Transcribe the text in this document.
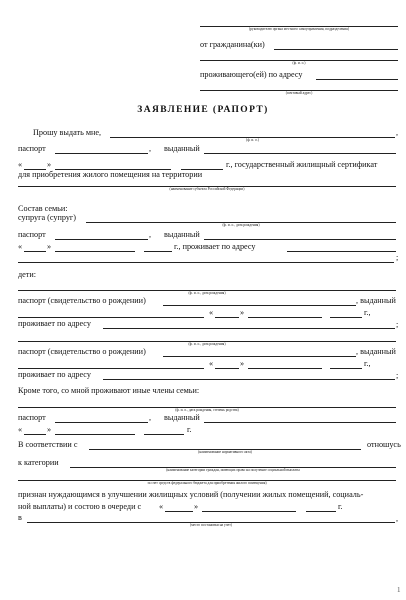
(руководителю органа местного самоуправления, подразделения)
от гражданина(ки)
(ф. и. о.)
проживающего(ей) по адресу
(почтовый адрес)
ЗАЯВЛЕНИЕ (РАПОРТ)
Прошу выдать мне,	,
(ф. и. о.)
паспорт	, выданный
«	»	г., государственный жилищный сертификат
для приобретения жилого помещения на территории
(наименование субъекта Российской Федерации)
Состав семьи:
супруга (супруг)
(ф. и. о., дата рождения)
паспорт	, выданный
«	»	г., проживает по адресу
;
дети:
(ф. и. о., дата рождения)
паспорт (свидетельство о рождении)	, выданный
«	»	г.,
проживает по адресу	;
(ф. и. о., дата рождения)
паспорт (свидетельство о рождении)	, выданный
«	»	г.,
проживает по адресу	;
Кроме того, со мной проживают иные члены семьи:
(ф. и. о., дата рождения, степень родства)
паспорт	, выданный
«	»	г.
В соответствии с	отношусь
(наименование нормативного акта)
к категории
(наименование категории граждан, имеющих право на получение социальной выплаты
за счет средств федерального бюджета для приобретения жилого помещения)
признан нуждающимся в улучшении жилищных условий (получении жилых помещений, социаль-
ной выплаты) и состою в очереди с «	»	г.
в	,
(место постановки на учет)
1
